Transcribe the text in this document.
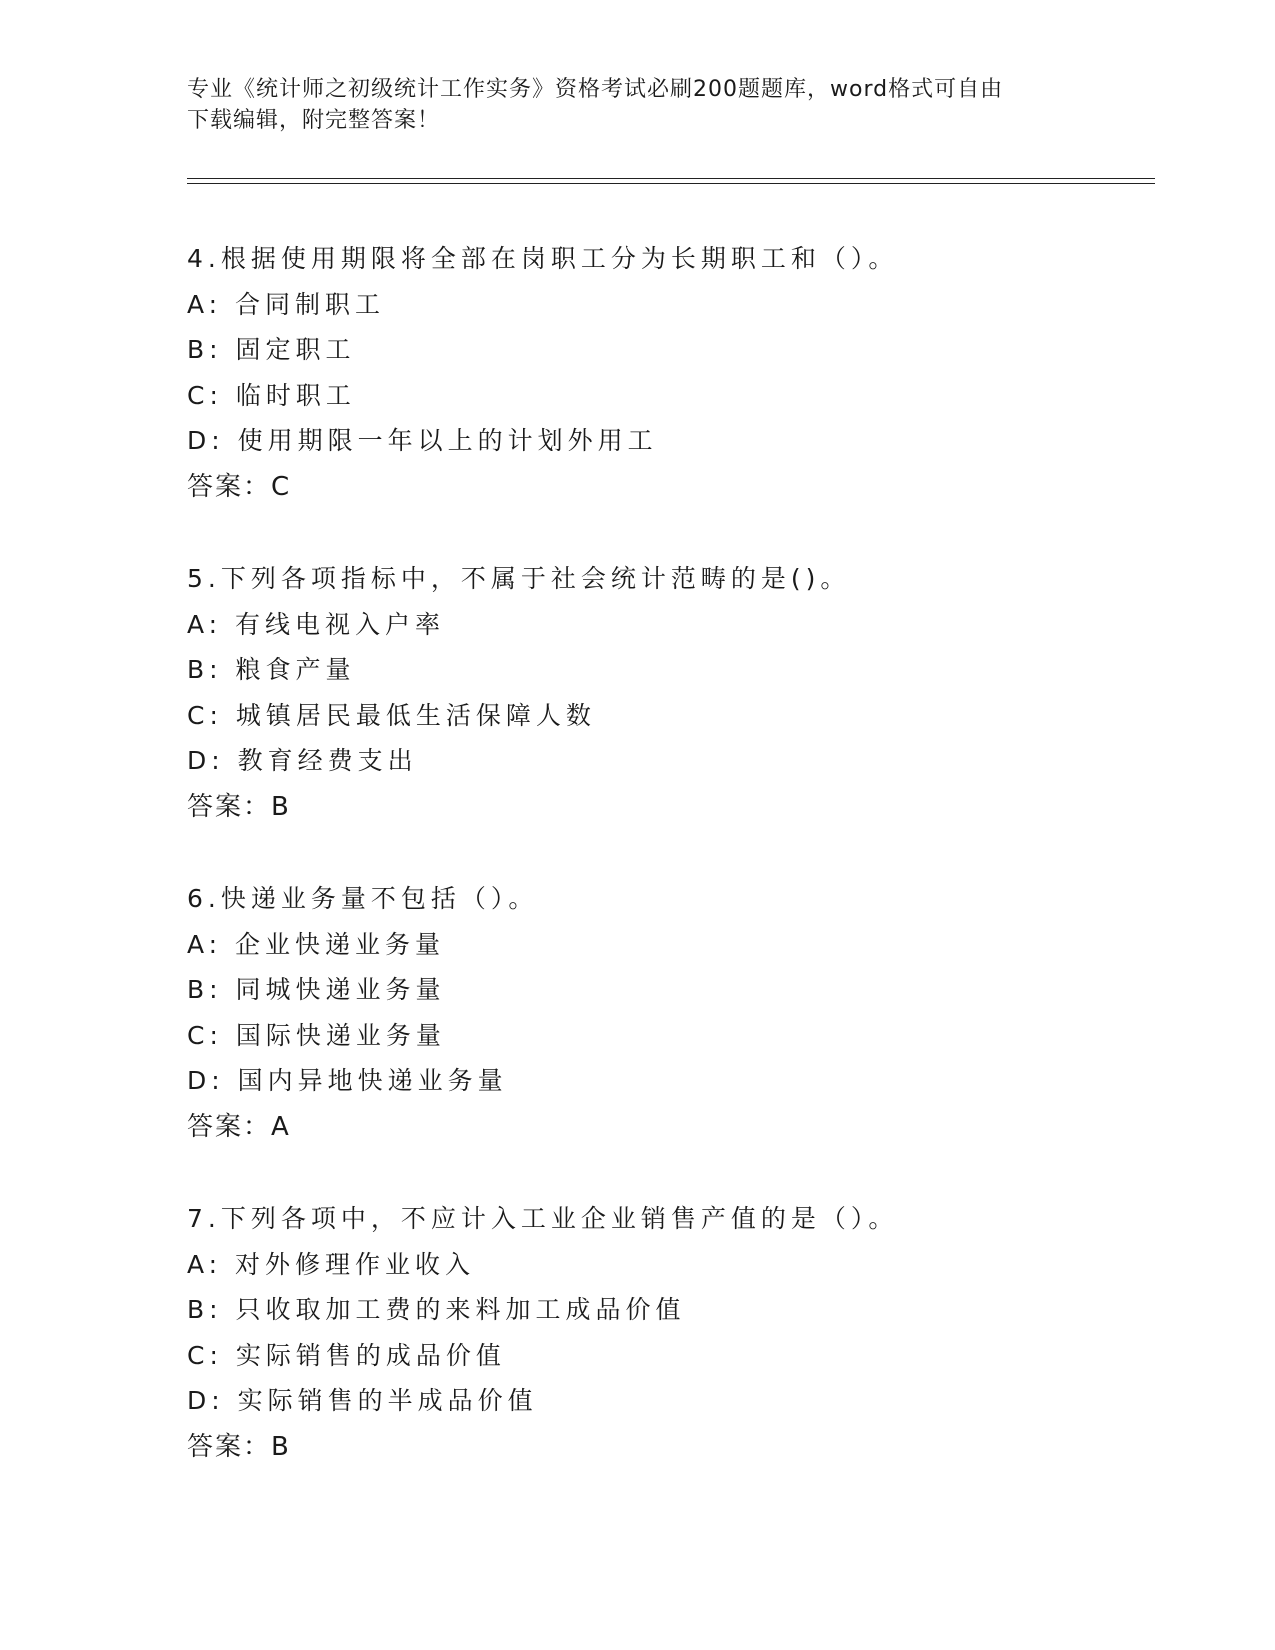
专业《统计师之初级统计工作实务》资格考试必刷200题题库，word格式可自由
下载编辑，附完整答案！
4.根据使用期限将全部在岗职工分为长期职工和（）。
A: 合同制职工
B: 固定职工
C: 临时职工
D: 使用期限一年以上的计划外用工
答案：C
5.下列各项指标中，不属于社会统计范畴的是()。
A: 有线电视入户率
B: 粮食产量
C: 城镇居民最低生活保障人数
D: 教育经费支出
答案：B
6.快递业务量不包括（）。
A: 企业快递业务量
B: 同城快递业务量
C: 国际快递业务量
D: 国内异地快递业务量
答案：A
7.下列各项中，不应计入工业企业销售产值的是（）。
A: 对外修理作业收入
B: 只收取加工费的来料加工成品价值
C: 实际销售的成品价值
D: 实际销售的半成品价值
答案：B
